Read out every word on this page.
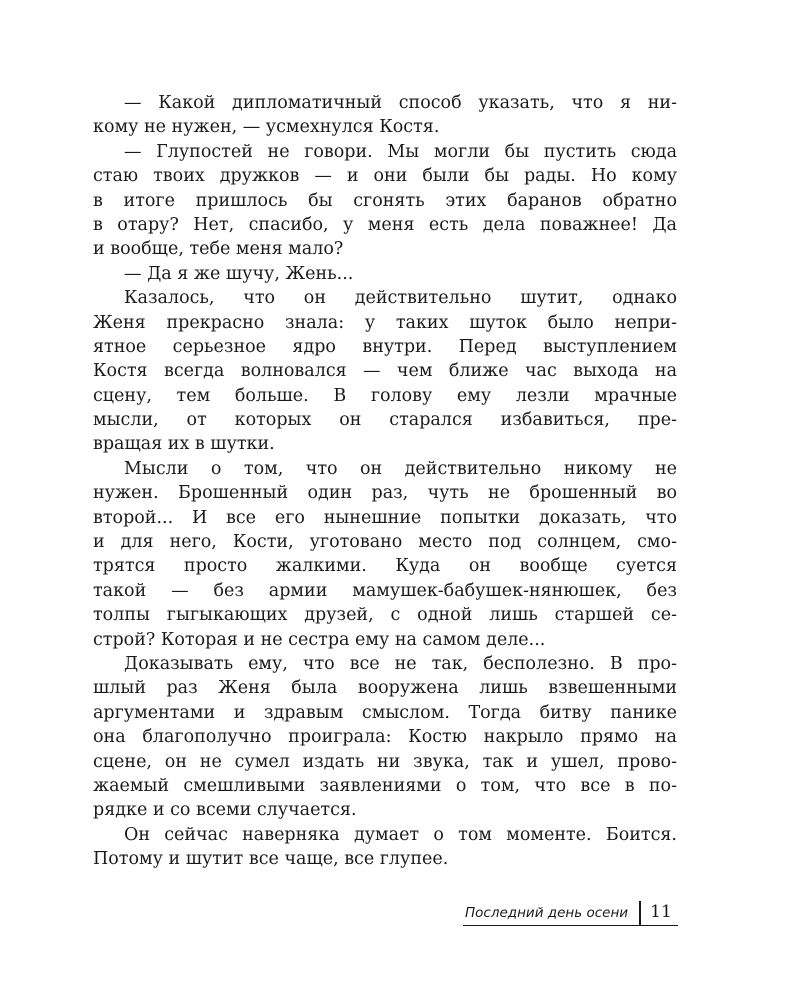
— Какой дипломатичный способ указать, что я ни-
кому не нужен, — усмехнулся Костя.
— Глупостей не говори. Мы могли бы пустить сюда
стаю твоих дружков — и они были бы рады. Но кому
в итоге пришлось бы сгонять этих баранов обратно
в отару? Нет, спасибо, у меня есть дела поважнее! Да
и вообще, тебе меня мало?
— Да я же шучу, Жень...
Казалось, что он действительно шутит, однако
Женя прекрасно знала: у таких шуток было непри-
ятное серьезное ядро внутри. Перед выступлением
Костя всегда волновался — чем ближе час выхода на
сцену, тем больше. В голову ему лезли мрачные
мысли, от которых он старался избавиться, пре-
вращая их в шутки.
Мысли о том, что он действительно никому не
нужен. Брошенный один раз, чуть не брошенный во
второй... И все его нынешние попытки доказать, что
и для него, Кости, уготовано место под солнцем, смо-
трятся просто жалкими. Куда он вообще суется
такой — без армии мамушек-бабушек-нянюшек, без
толпы гыгыкающих друзей, с одной лишь старшей се-
строй? Которая и не сестра ему на самом деле...
Доказывать ему, что все не так, бесполезно. В про-
шлый раз Женя была вооружена лишь взвешенными
аргументами и здравым смыслом. Тогда битву панике
она благополучно проиграла: Костю накрыло прямо на
сцене, он не сумел издать ни звука, так и ушел, прово-
жаемый смешливыми заявлениями о том, что все в по-
рядке и со всеми случается.
Он сейчас наверняка думает о том моменте. Боится.
Потому и шутит все чаще, все глупее.
Последний день осени 11
